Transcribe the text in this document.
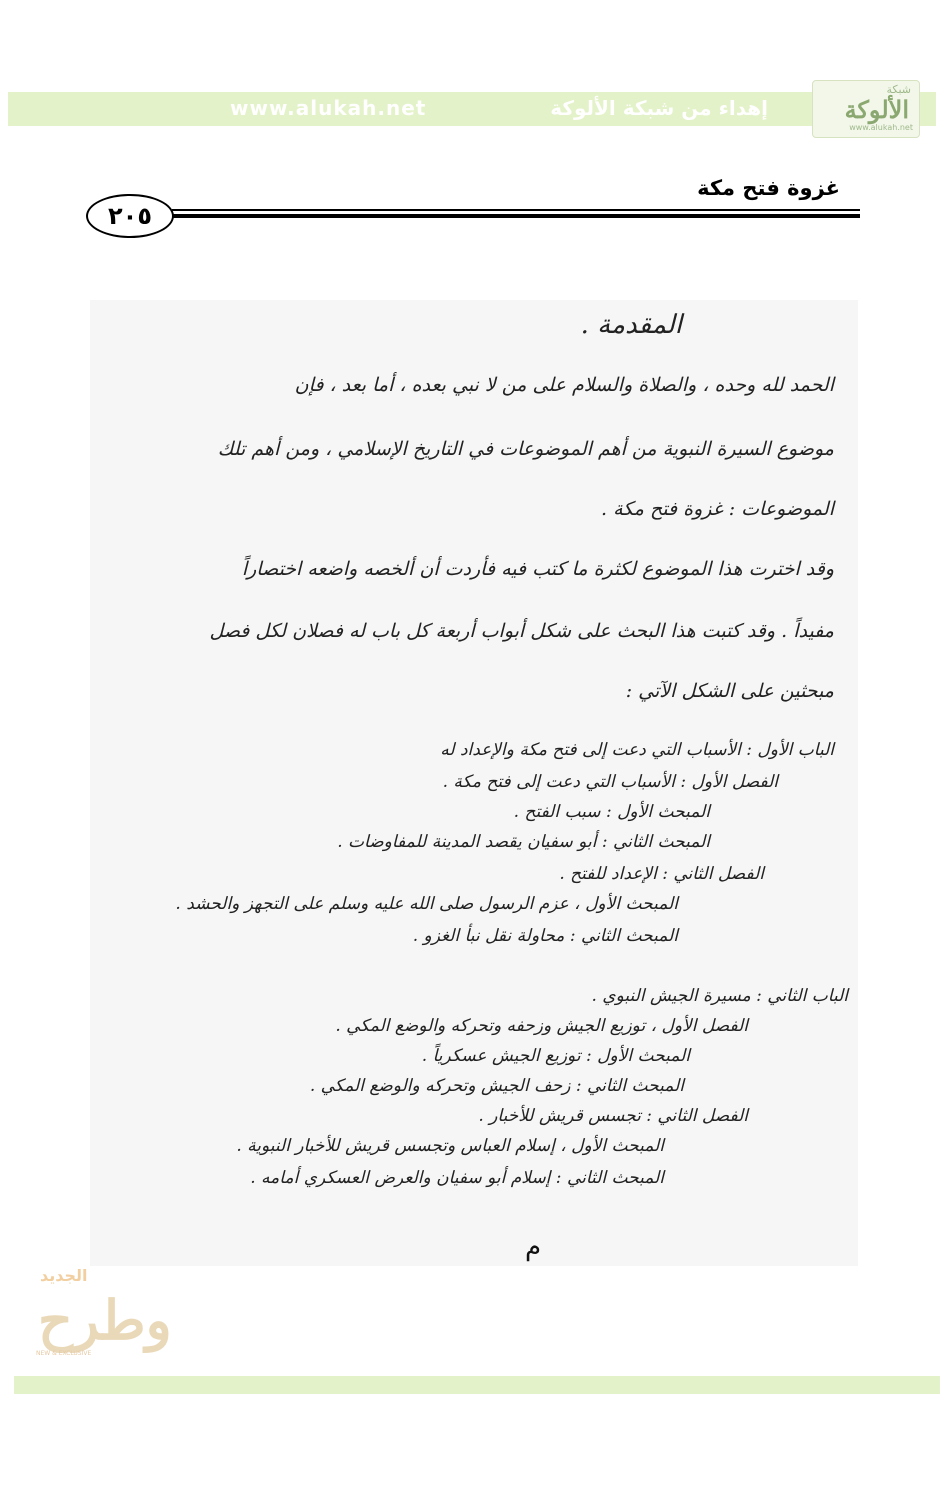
www.alukah.net	إهداء من شبكة الألوكة
شبكة
الألوكة
www.alukah.net
غزوة فتح مكة
٢٠٥
المقدمة .
الحمد لله وحده ، والصلاة والسلام على من لا نبي بعده ، أما بعد ، فإن
موضوع السيرة النبوية من أهم الموضوعات في التاريخ الإسلامي ، ومن أهم تلك
الموضوعات : غزوة فتح مكة .
وقد اخترت هذا الموضوع لكثرة ما كتب فيه فأردت أن ألخصه واضعه اختصاراً
مفيداً . وقد كتبت هذا البحث على شكل أبواب أربعة كل باب له فصلان لكل فصل
مبحثين على الشكل الآتي :
الباب الأول : الأسباب التي دعت إلى فتح مكة والإعداد له
الفصل الأول : الأسباب التي دعت إلى فتح مكة .
المبحث الأول : سبب الفتح .
المبحث الثاني : أبو سفيان يقصد المدينة للمفاوضات .
الفصل الثاني : الإعداد للفتح .
المبحث الأول ، عزم الرسول صلى الله عليه وسلم على التجهز والحشد .
المبحث الثاني : محاولة نقل نبأ الغزو .
الباب الثاني : مسيرة الجيش النبوي .
الفصل الأول ، توزيع الجيش وزحفه وتحركه والوضع المكي .
المبحث الأول : توزيع الجيش عسكرياً .
المبحث الثاني : زحف الجيش وتحركه والوضع المكي .
الفصل الثاني : تجسس قريش للأخبار .
المبحث الأول ، إسلام العباس وتجسس قريش للأخبار النبوية .
المبحث الثاني : إسلام أبو سفيان والعرض العسكري أمامه .
م
الجديد
وطرح
NEW & EXCLUSIVE
